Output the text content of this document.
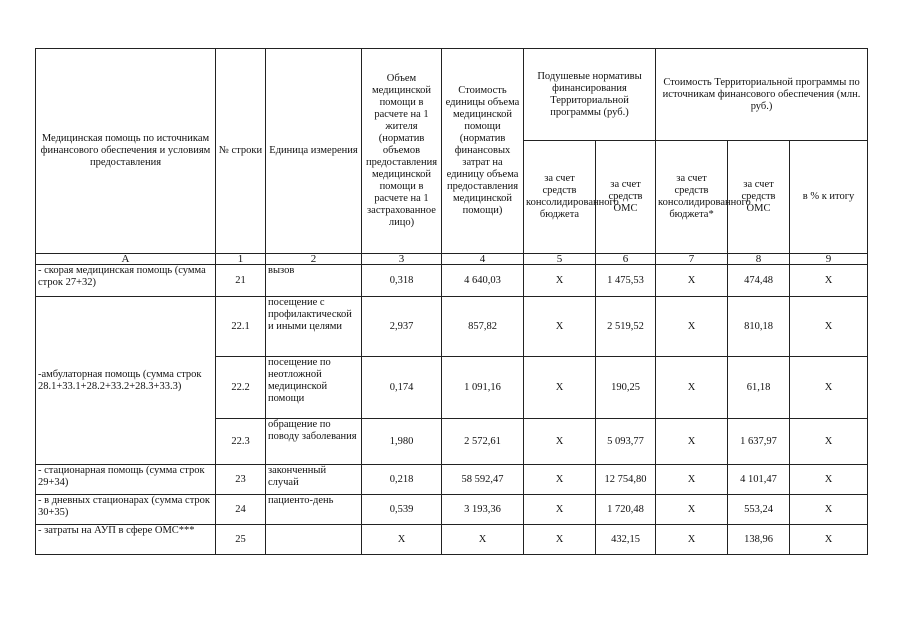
Медицинская помощь по источникам финансового обеспечения и условиям предоставления	№ строки	Единица измерения	Объем медицинской помощи в расчете на 1 жителя (норматив объемов предоставления медицинской помощи в расчете на 1 застрахованное лицо)	Стоимость единицы объема медицинской помощи (норматив финансовых затрат на единицу объема предоставления медицинской помощи)	Подушевые нормативы финансирования Территориальной программы (руб.)		Стоимость Территориальной программы по источникам финансового обеспечения (млн. руб.)		
					за счет средств консолидированного бюджета	за счет средств ОМС	за счет средств консолидированного бюджета*	за счет средств ОМС	в % к итогу
А	1	2	3	4	5	6	7	8	9
- скорая медицинская помощь (сумма строк 27+32)	21	вызов	0,318	4 640,03	Х	1 475,53	Х	474,48	Х
-амбулаторная помощь (сумма строк 28.1+33.1+28.2+33.2+28.3+33.3)	22.1	посещение с профилактической и иными целями	2,937	857,82	Х	2 519,52	Х	810,18	Х
	22.2	посещение по неотложной медицинской помощи	0,174	1 091,16	Х	190,25	Х	61,18	Х
	22.3	обращение по поводу заболевания	1,980	2 572,61	Х	5 093,77	Х	1 637,97	Х
- стационарная помощь (сумма строк 29+34)	23	законченный случай	0,218	58 592,47	Х	12 754,80	Х	4 101,47	Х
- в дневных стационарах (сумма строк 30+35)	24	пациенто-день	0,539	3 193,36	Х	1 720,48	Х	553,24	Х
- затраты на АУП в сфере ОМС***	25		Х	Х	Х	432,15	Х	138,96	Х
